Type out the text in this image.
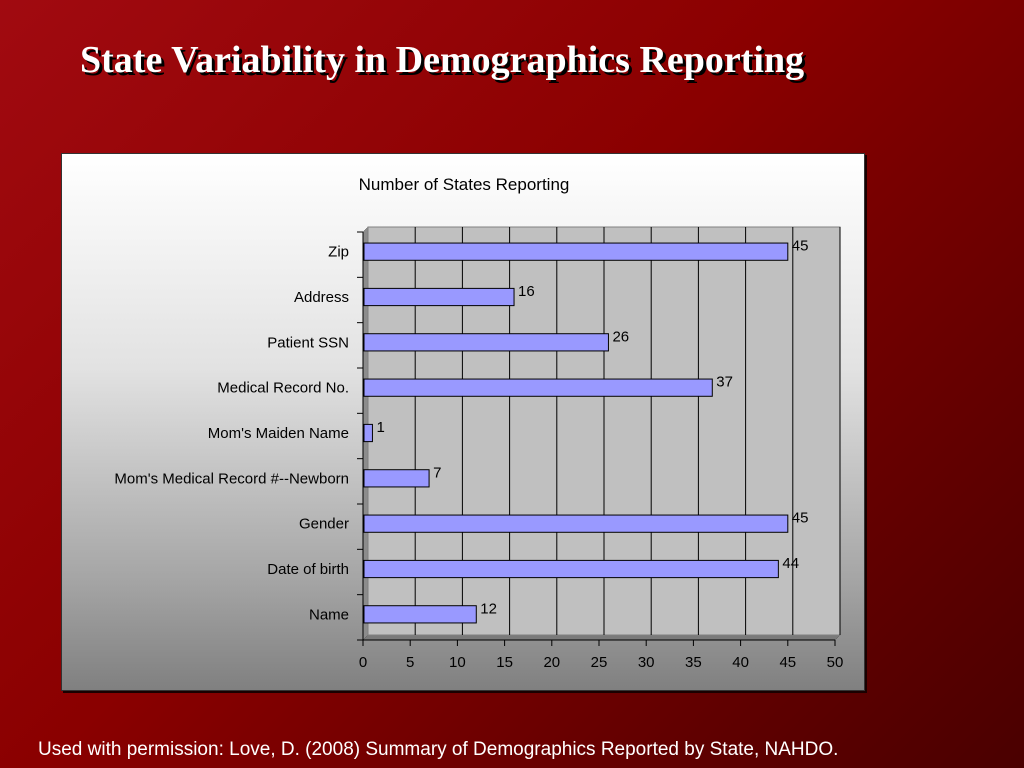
State Variability in Demographics Reporting
0	5 10 15 20 25 30 35 40 45 50
Zip	45
Address	16
Patient SSN	26
Medical Record No.	37
Mom's Maiden Name 1
Mom's Medical Record #--Newborn	7
Gender	45
Date of birth	44
Name	12
Number of States Reporting

Used with permission: Love, D. (2008) Summary of Demographics Reported by State, NAHDO.
